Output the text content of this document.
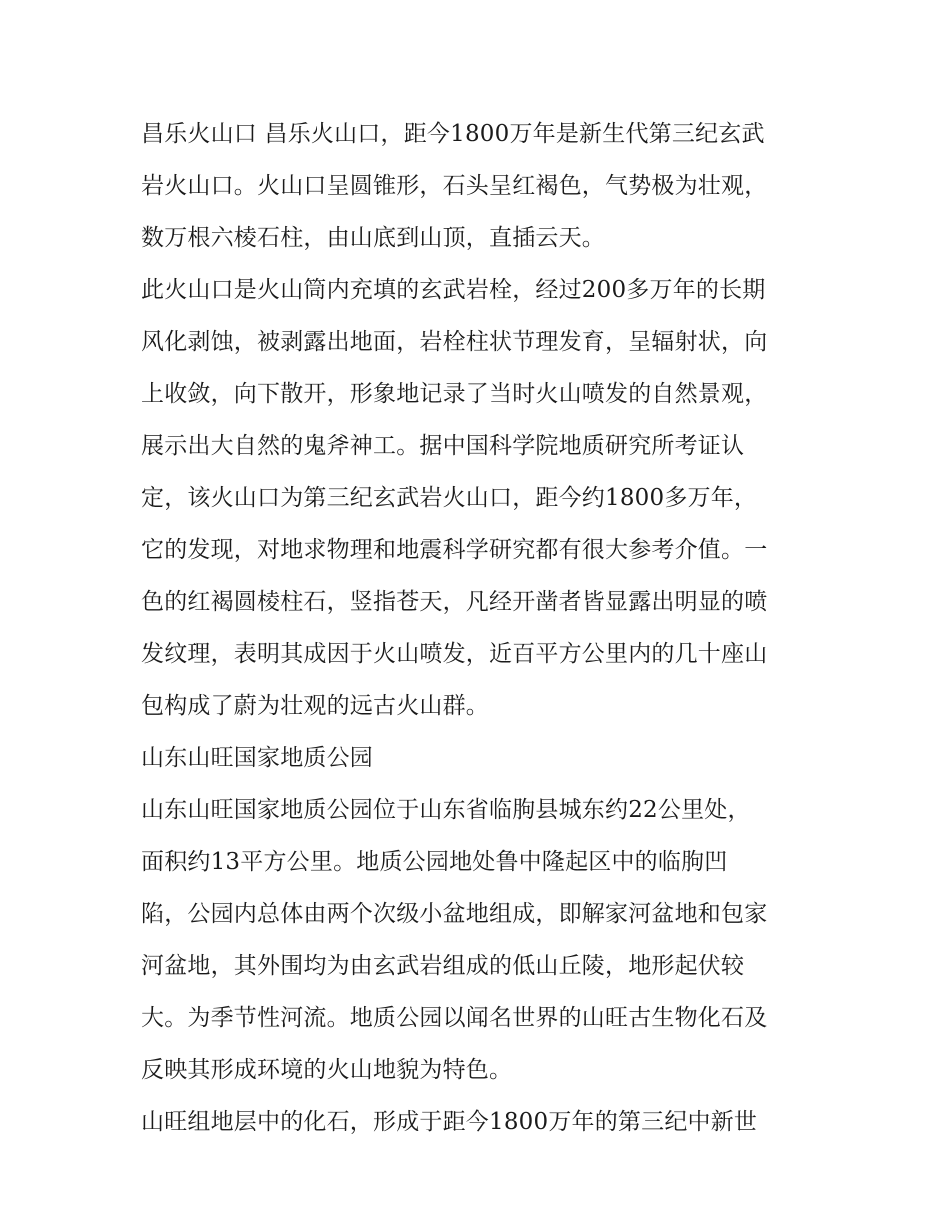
昌乐火山口 昌乐火山口，距今1800万年是新生代第三纪玄武
岩火山口。火山口呈圆锥形，石头呈红褐色，气势极为壮观，
数万根六棱石柱，由山底到山顶，直插云天。
此火山口是火山筒内充填的玄武岩栓，经过200多万年的长期
风化剥蚀，被剥露出地面，岩栓柱状节理发育，呈辐射状，向
上收敛，向下散开，形象地记录了当时火山喷发的自然景观，
展示出大自然的鬼斧神工。据中国科学院地质研究所考证认
定，该火山口为第三纪玄武岩火山口，距今约1800多万年，
它的发现，对地求物理和地震科学研究都有很大参考介值。一
色的红褐圆棱柱石，竖指苍天，凡经开凿者皆显露出明显的喷
发纹理，表明其成因于火山喷发，近百平方公里内的几十座山
包构成了蔚为壮观的远古火山群。
山东山旺国家地质公园
山东山旺国家地质公园位于山东省临朐县城东约22公里处，
面积约13平方公里。地质公园地处鲁中隆起区中的临朐凹
陷，公园内总体由两个次级小盆地组成，即解家河盆地和包家
河盆地，其外围均为由玄武岩组成的低山丘陵，地形起伏较
大。为季节性河流。地质公园以闻名世界的山旺古生物化石及
反映其形成环境的火山地貌为特色。
山旺组地层中的化石，形成于距今1800万年的第三纪中新世
